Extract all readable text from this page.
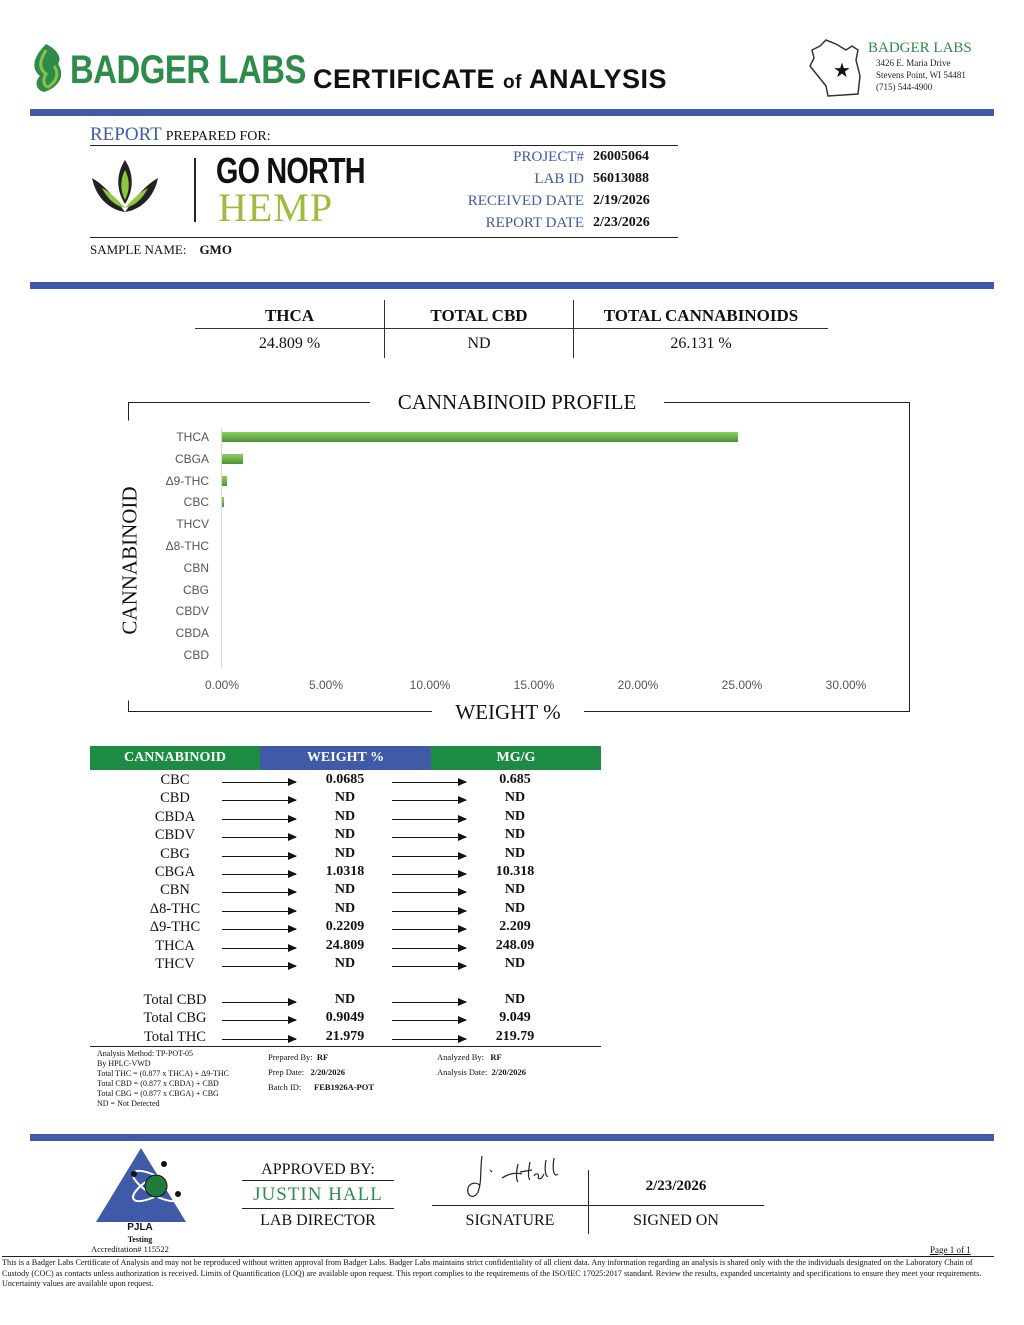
BADGER LABS CERTIFICATE of ANALYSIS	★
BADGER LABS
3426 E. Maria Drive
Stevens Point, WI 54481
(715) 544-4900
REPORT PREPARED FOR:
GO NORTH
HEMP
PROJECT# 26005064
LAB ID 56013088
RECEIVED DATE 2/19/2026
REPORT DATE 2/23/2026
SAMPLE NAME: GMO
THCA	TOTAL CBD	TOTAL CANNABINOIDS
24.809 %	ND	26.131 %
CANNABINOID PROFILE
WEIGHT %
CANNABINOID
THCA
CBGA
Δ9-THC
CBC
THCV
Δ8-THC
CBN
CBG
CBDV
CBDA
CBD
0.00%	5.00%	10.00%	15.00%	20.00%	25.00%	30.00%
CANNABINOID	WEIGHT %	MG/G
CBC	0.0685	0.685
CBD	ND	ND
CBDA	ND	ND
CBDV	ND	ND
CBG	ND	ND
CBGA	1.0318	10.318
CBN	ND	ND
Δ8-THC	ND	ND
Δ9-THC	0.2209	2.209
THCA	24.809	248.09
THCV	ND	ND
Total CBD	ND	ND
Total CBG	0.9049	9.049
Total THC	21.979	219.79
Analysis Method: TP-POT-05
By HPLC-VWD
Total THC = (0.877 x THCA) + Δ9-THC
Total CBD = (0.877 x CBDA) + CBD
Total CBG = (0.877 x CBGA) + CBG
ND = Not Detected
Prepared By: RF
Prep Date: 2/20/2026
Batch ID: FEB1926A-POT
Analyzed By: RF
Analysis Date: 2/20/2026
PJLA
Testing
Accreditation# 115522
APPROVED BY:
JUSTIN HALL
LAB DIRECTOR	SIGNATURE
2/23/2026
SIGNED ON
Page 1 of 1
This is a Badger Labs Certificate of Analysis and may not be reproduced without written approval from Badger Labs. Badger Labs maintains strict confidentiality of all client data. Any information regarding an analysis is shared only with the the individuals designated on the Laboratory Chain of Custody (COC) as contacts unless authorization is received. Limits of Quantification (LOQ) are available upon request. This report complies to the requirements of the ISO/IEC 17025:2017 standard. Review the results, expanded uncertainty and specifications to ensure they meet your requirements. Uncertainty values are available upon request.
